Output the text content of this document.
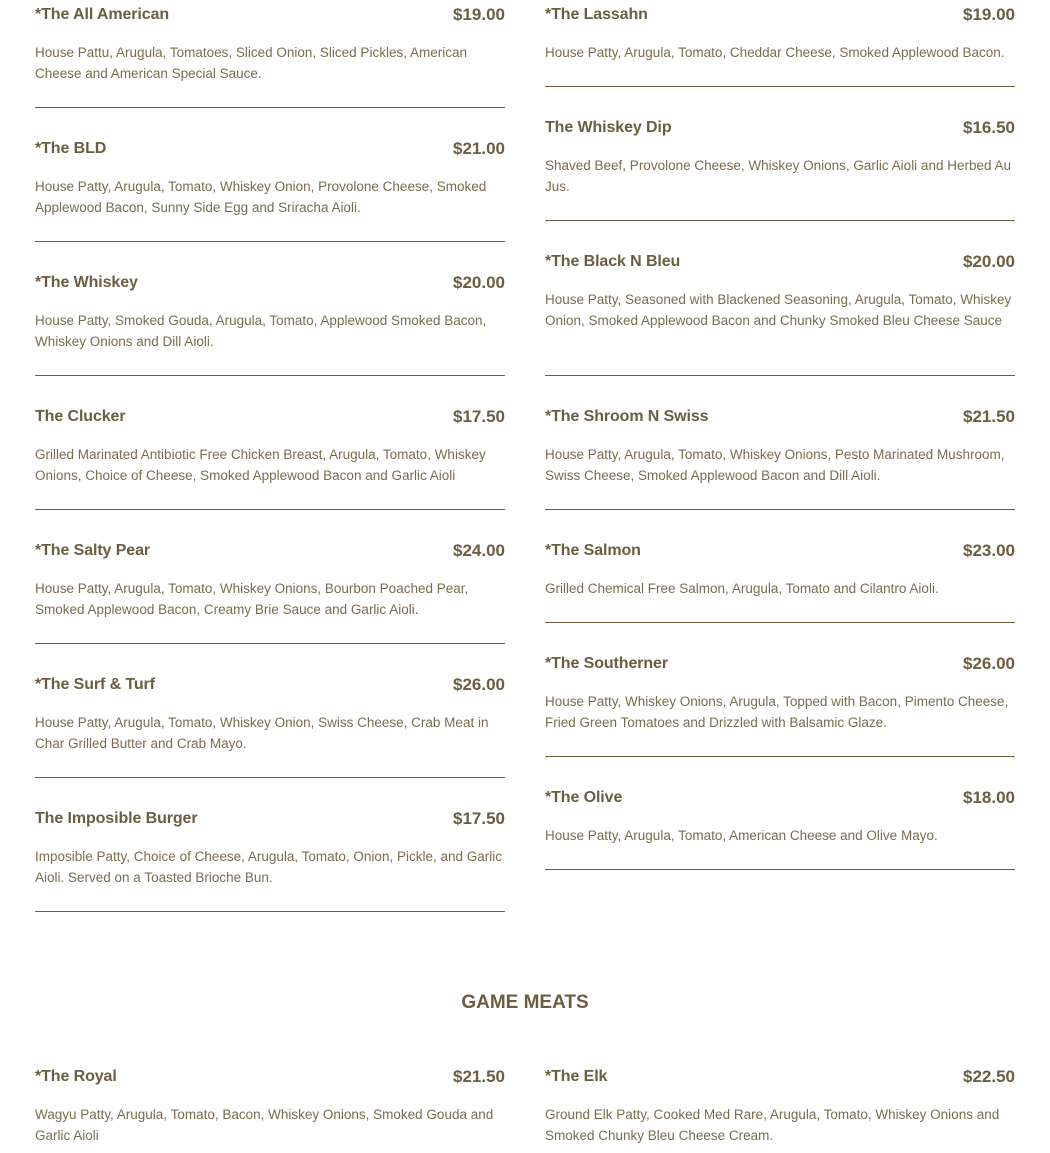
*The All American	$19.00
House Pattu, Arugula, Tomatoes, Sliced Onion, Sliced Pickles, American Cheese and American Special Sauce.
*The BLD	$21.00
House Patty, Arugula, Tomato, Whiskey Onion, Provolone Cheese, Smoked Applewood Bacon, Sunny Side Egg and Sriracha Aioli.
*The Whiskey	$20.00
House Patty, Smoked Gouda, Arugula, Tomato, Applewood Smoked Bacon, Whiskey Onions and Dill Aioli.
The Clucker	$17.50
Grilled Marinated Antibiotic Free Chicken Breast, Arugula, Tomato, Whiskey Onions, Choice of Cheese, Smoked Applewood Bacon and Garlic Aioli
*The Salty Pear	$24.00
House Patty, Arugula, Tomato, Whiskey Onions, Bourbon Poached Pear, Smoked Applewood Bacon, Creamy Brie Sauce and Garlic Aioli.
*The Surf & Turf	$26.00
House Patty, Arugula, Tomato, Whiskey Onion, Swiss Cheese, Crab Meat in Char Grilled Butter and Crab Mayo.
The Imposible Burger	$17.50
Imposible Patty, Choice of Cheese, Arugula, Tomato, Onion, Pickle, and Garlic Aioli. Served on a Toasted Brioche Bun.
*The Royal	$21.50
Wagyu Patty, Arugula, Tomato, Bacon, Whiskey Onions, Smoked Gouda and Garlic Aioli
*The Lassahn	$19.00
House Patty, Arugula, Tomato, Cheddar Cheese, Smoked Applewood Bacon.
The Whiskey Dip	$16.50
Shaved Beef, Provolone Cheese, Whiskey Onions, Garlic Aioli and Herbed Au Jus.
*The Black N Bleu	$20.00
House Patty, Seasoned with Blackened Seasoning, Arugula, Tomato, Whiskey Onion, Smoked Applewood Bacon and Chunky Smoked Bleu Cheese Sauce
*The Shroom N Swiss	$21.50
House Patty, Arugula, Tomato, Whiskey Onions, Pesto Marinated Mushroom, Swiss Cheese, Smoked Applewood Bacon and Dill Aioli.
*The Salmon	$23.00
Grilled Chemical Free Salmon, Arugula, Tomato and Cilantro Aioli.
*The Southerner	$26.00
House Patty, Whiskey Onions, Arugula, Topped with Bacon, Pimento Cheese, Fried Green Tomatoes and Drizzled with Balsamic Glaze.
*The Olive	$18.00
House Patty, Arugula, Tomato, American Cheese and Olive Mayo.
*The Elk	$22.50
Ground Elk Patty, Cooked Med Rare, Arugula, Tomato, Whiskey Onions and Smoked Chunky Bleu Cheese Cream.
GAME MEATS
